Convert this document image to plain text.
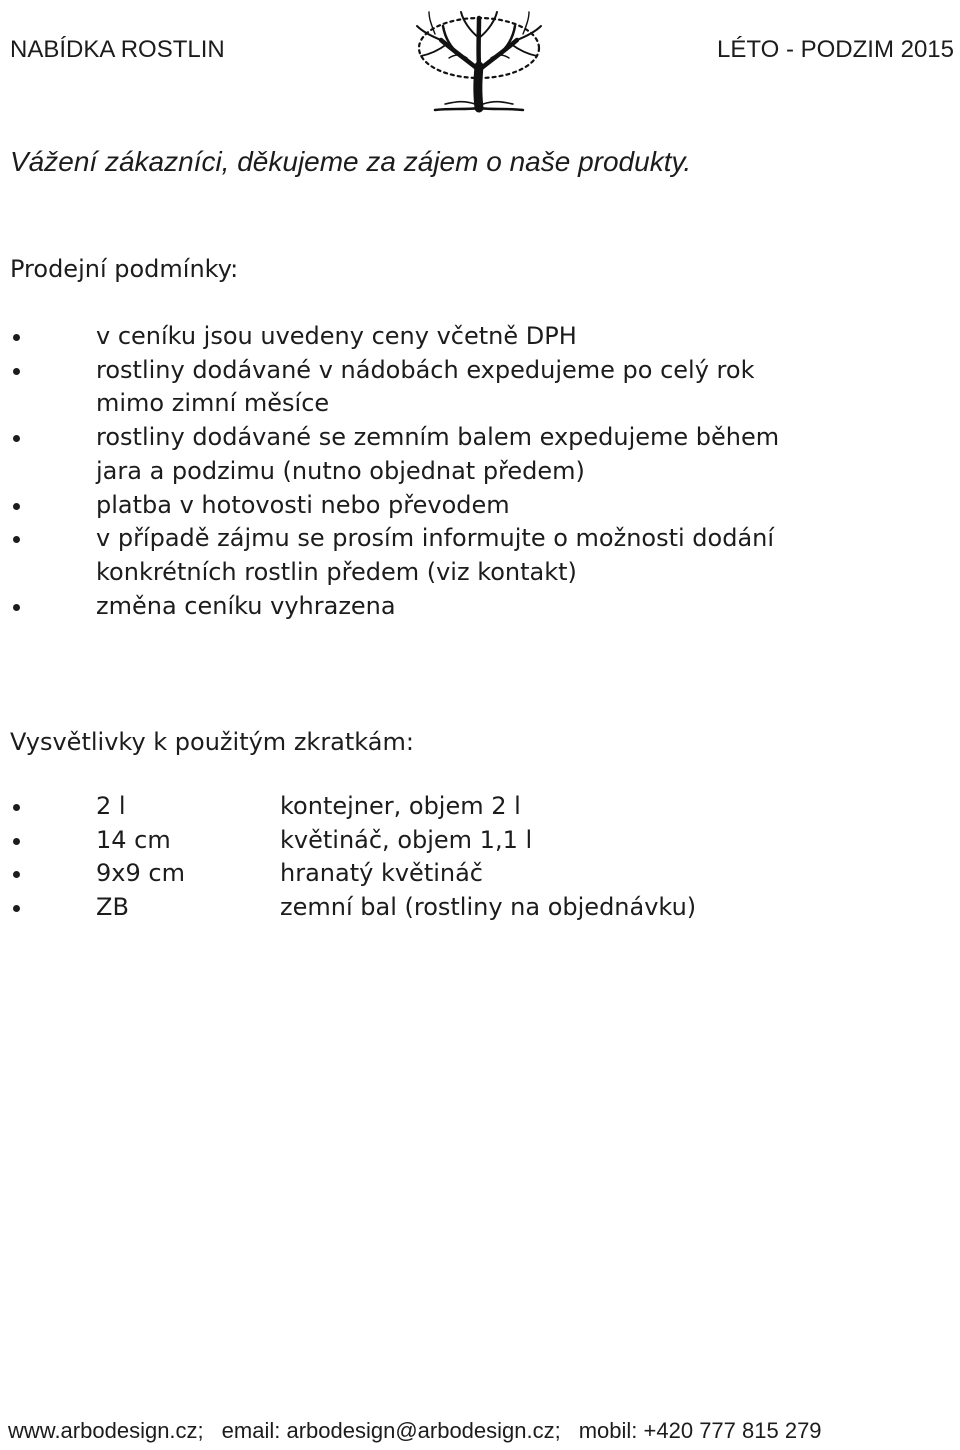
NABÍDKA ROSTLIN	LÉTO - PODZIM 2015
Vážení zákazníci, děkujeme za zájem o naše produkty.
Prodejní podmínky:
v ceníku jsou uvedeny ceny včetně DPH
rostliny dodávané v nádobách expedujeme po celý rok
mimo zimní měsíce
rostliny dodávané se zemním balem expedujeme během
jara a podzimu (nutno objednat předem)
platba v hotovosti nebo převodem
v případě zájmu se prosím informujte o možnosti dodání
konkrétních rostlin předem (viz kontakt)
změna ceníku vyhrazena
Vysvětlivky k použitým zkratkám:
2 l	kontejner, objem 2 l
14 cm	květináč, objem 1,1 l
9x9 cm	hranatý květináč
ZB	zemní bal (rostliny na objednávku)
www.arbodesign.cz; email: arbodesign@arbodesign.cz; mobil: +420 777 815 279
